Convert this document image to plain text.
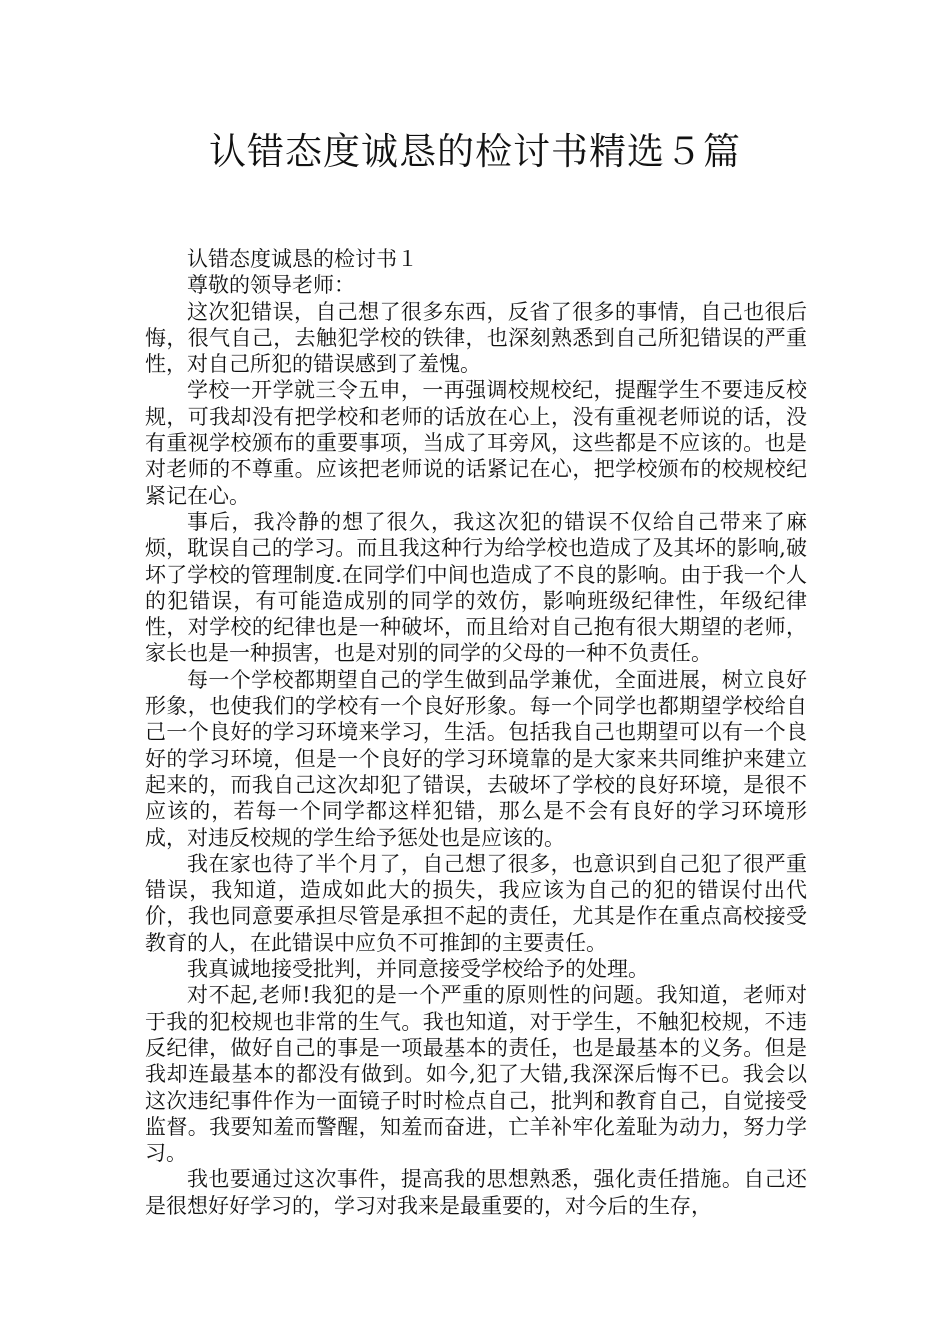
认错态度诚恳的检讨书精选５篇

认错态度诚恳的检讨书１

尊敬的领导老师：

这次犯错误，自己想了很多东西，反省了很多的事情，自己也很后悔，很气自己，去触犯学校的铁律，也深刻熟悉到自己所犯错误的严重性，对自己所犯的错误感到了羞愧。

学校一开学就三令五申，一再强调校规校纪，提醒学生不要违反校规，可我却没有把学校和老师的话放在心上，没有重视老师说的话，没有重视学校颁布的重要事项，当成了耳旁风，这些都是不应该的。也是对老师的不尊重。应该把老师说的话紧记在心，把学校颁布的校规校纪紧记在心。

事后，我冷静的想了很久，我这次犯的错误不仅给自己带来了麻烦，耽误自己的学习。而且我这种行为给学校也造成了及其坏的影响,破坏了学校的管理制度.在同学们中间也造成了不良的影响。由于我一个人的犯错误，有可能造成别的同学的效仿，影响班级纪律性，年级纪律性，对学校的纪律也是一种破坏，而且给对自己抱有很大期望的老师，家长也是一种损害，也是对别的同学的父母的一种不负责任。

每一个学校都期望自己的学生做到品学兼优，全面进展，树立良好形象，也使我们的学校有一个良好形象。每一个同学也都期望学校给自己一个良好的学习环境来学习，生活。包括我自己也期望可以有一个良好的学习环境，但是一个良好的学习环境靠的是大家来共同维护来建立起来的，而我自己这次却犯了错误，去破坏了学校的良好环境，是很不应该的，若每一个同学都这样犯错，那么是不会有良好的学习环境形成，对违反校规的学生给予惩处也是应该的。

我在家也待了半个月了，自己想了很多，也意识到自己犯了很严重错误，我知道，造成如此大的损失，我应该为自己的犯的错误付出代价，我也同意要承担尽管是承担不起的责任，尤其是作在重点高校接受教育的人，在此错误中应负不可推卸的主要责任。

我真诚地接受批判，并同意接受学校给予的处理。

对不起,老师!我犯的是一个严重的原则性的问题。我知道，老师对于我的犯校规也非常的生气。我也知道，对于学生，不触犯校规，不违反纪律，做好自己的事是一项最基本的责任，也是最基本的义务。但是我却连最基本的都没有做到。如今,犯了大错,我深深后悔不已。我会以这次违纪事件作为一面镜子时时检点自己，批判和教育自己，自觉接受监督。我要知羞而警醒，知羞而奋进，亡羊补牢化羞耻为动力，努力学习。

我也要通过这次事件，提高我的思想熟悉，强化责任措施。自己还是很想好好学习的，学习对我来是最重要的，对今后的生存，
